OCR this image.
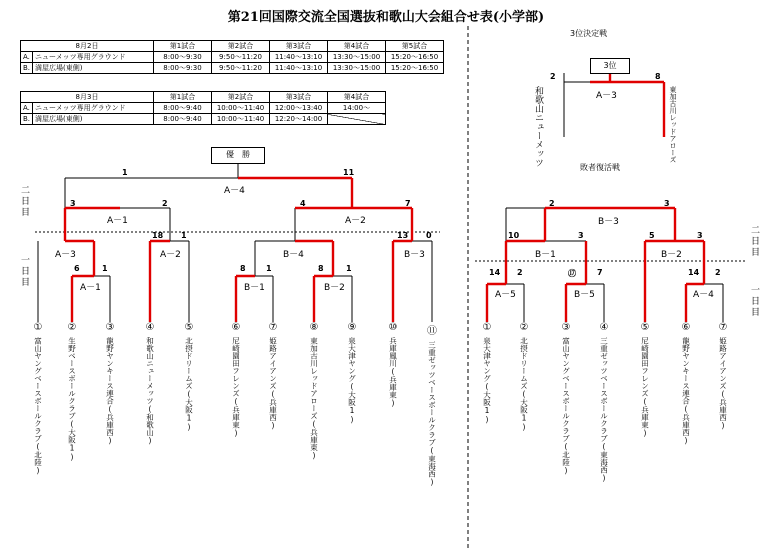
第21回国際交流全国選抜和歌山大会組合せ表(小学部)
8月2日		第1試合	第2試合	第3試合	第4試合	第5試合
A.	ニューメッツ専用グラウンド	8:00～9:30	9:50～11:20	11:40～13:10	13:30～15:00	15:20～16:50
B.	満屋広場(東側)	8:00～9:30	9:50～11:20	11:40～13:10	13:30～15:00	15:20～16:50
8月3日		第1試合	第2試合	第3試合	第4試合
A.	ニューメッツ専用グラウンド	8:00～9:40	10:00～11:40	12:00～13:40	14:00～
B.	満屋広場(東側)	8:00～9:40	10:00～11:40	12:20～14:00	
優　勝
二日目
一日目
A－4
A－1	A－2
A－3	A－2	B－4	B－3
A－1	B－1	B－2
1	11
3	2	4	7
18 1	13 0
6	1	8	1	8	1
①
富山ヤングベースボールクラブ(北陸)
②
生野ベースボールクラブ(大阪1)
③
龍野ヤンキース連合(兵庫西)
④
和歌山ニューメッツ(和歌山)
⑤
北摂ドリームズ(大阪1)
⑥
尼崎園田フレンズ(兵庫東)
⑦
姫路アイアンズ(兵庫西)
⑧
東加古川レッドアローズ(兵庫東)
⑨
泉大津ヤング(大阪1)
⑩
兵庫鳳川(兵庫東)
⑪
三重ゼッツベースボールクラブ(東海西)
3位決定戦
3位
A－3
2	8
和歌山ニューメッツ	東加古川レッドアローズ
敗者復活戦
二日目
一日目
B－3
B－1	B－2
A－5	B－5	A－4
2	3
10	3	5	3
14 2	⑰	7	14 2
①
泉大津ヤング(大阪1)
②
北摂ドリームズ(大阪1)
③
富山ヤングベースボールクラブ(北陸)
④
三重ゼッツベースボールクラブ(東海西)
⑤
尼崎園田フレンズ(兵庫東)
⑥
龍野ヤンキース連合(兵庫西)
⑦
姫路アイアンズ(兵庫西)
